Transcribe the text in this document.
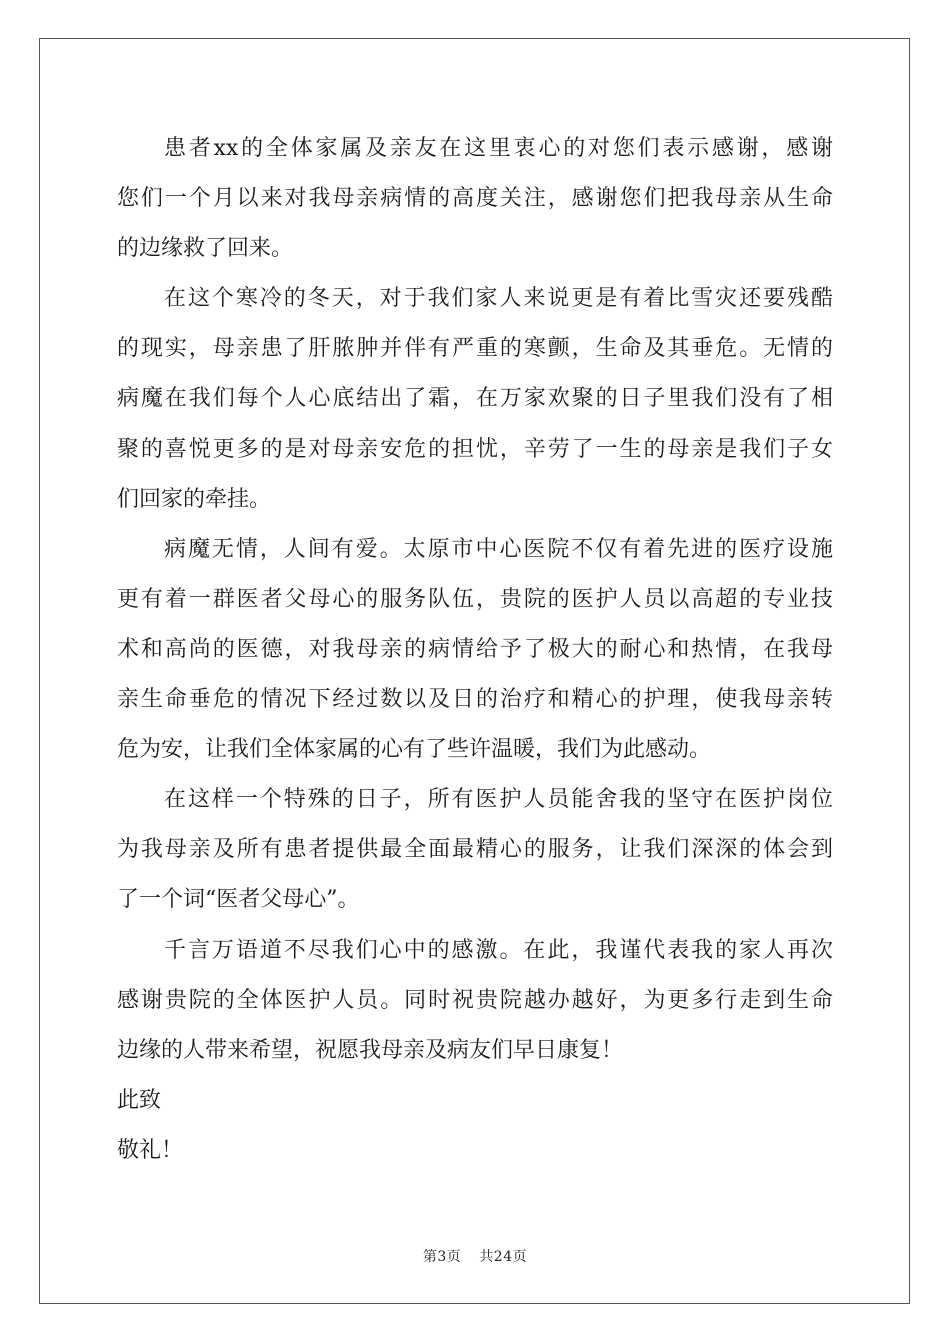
患者xx的全体家属及亲友在这里衷心的对您们表示感谢，感谢
您们一个月以来对我母亲病情的高度关注，感谢您们把我母亲从生命
的边缘救了回来。
在这个寒冷的冬天，对于我们家人来说更是有着比雪灾还要残酷
的现实，母亲患了肝脓肿并伴有严重的寒颤，生命及其垂危。无情的
病魔在我们每个人心底结出了霜，在万家欢聚的日子里我们没有了相
聚的喜悦更多的是对母亲安危的担忧，辛劳了一生的母亲是我们子女
们回家的牵挂。
病魔无情，人间有爱。太原市中心医院不仅有着先进的医疗设施
更有着一群医者父母心的服务队伍，贵院的医护人员以高超的专业技
术和高尚的医德，对我母亲的病情给予了极大的耐心和热情，在我母
亲生命垂危的情况下经过数以及日的治疗和精心的护理，使我母亲转
危为安，让我们全体家属的心有了些许温暖，我们为此感动。
在这样一个特殊的日子，所有医护人员能舍我的坚守在医护岗位
为我母亲及所有患者提供最全面最精心的服务，让我们深深的体会到
了一个词“医者父母心”。
千言万语道不尽我们心中的感激。在此，我谨代表我的家人再次
感谢贵院的全体医护人员。同时祝贵院越办越好，为更多行走到生命
边缘的人带来希望，祝愿我母亲及病友们早日康复！
此致
敬礼！
第3页 共24页
